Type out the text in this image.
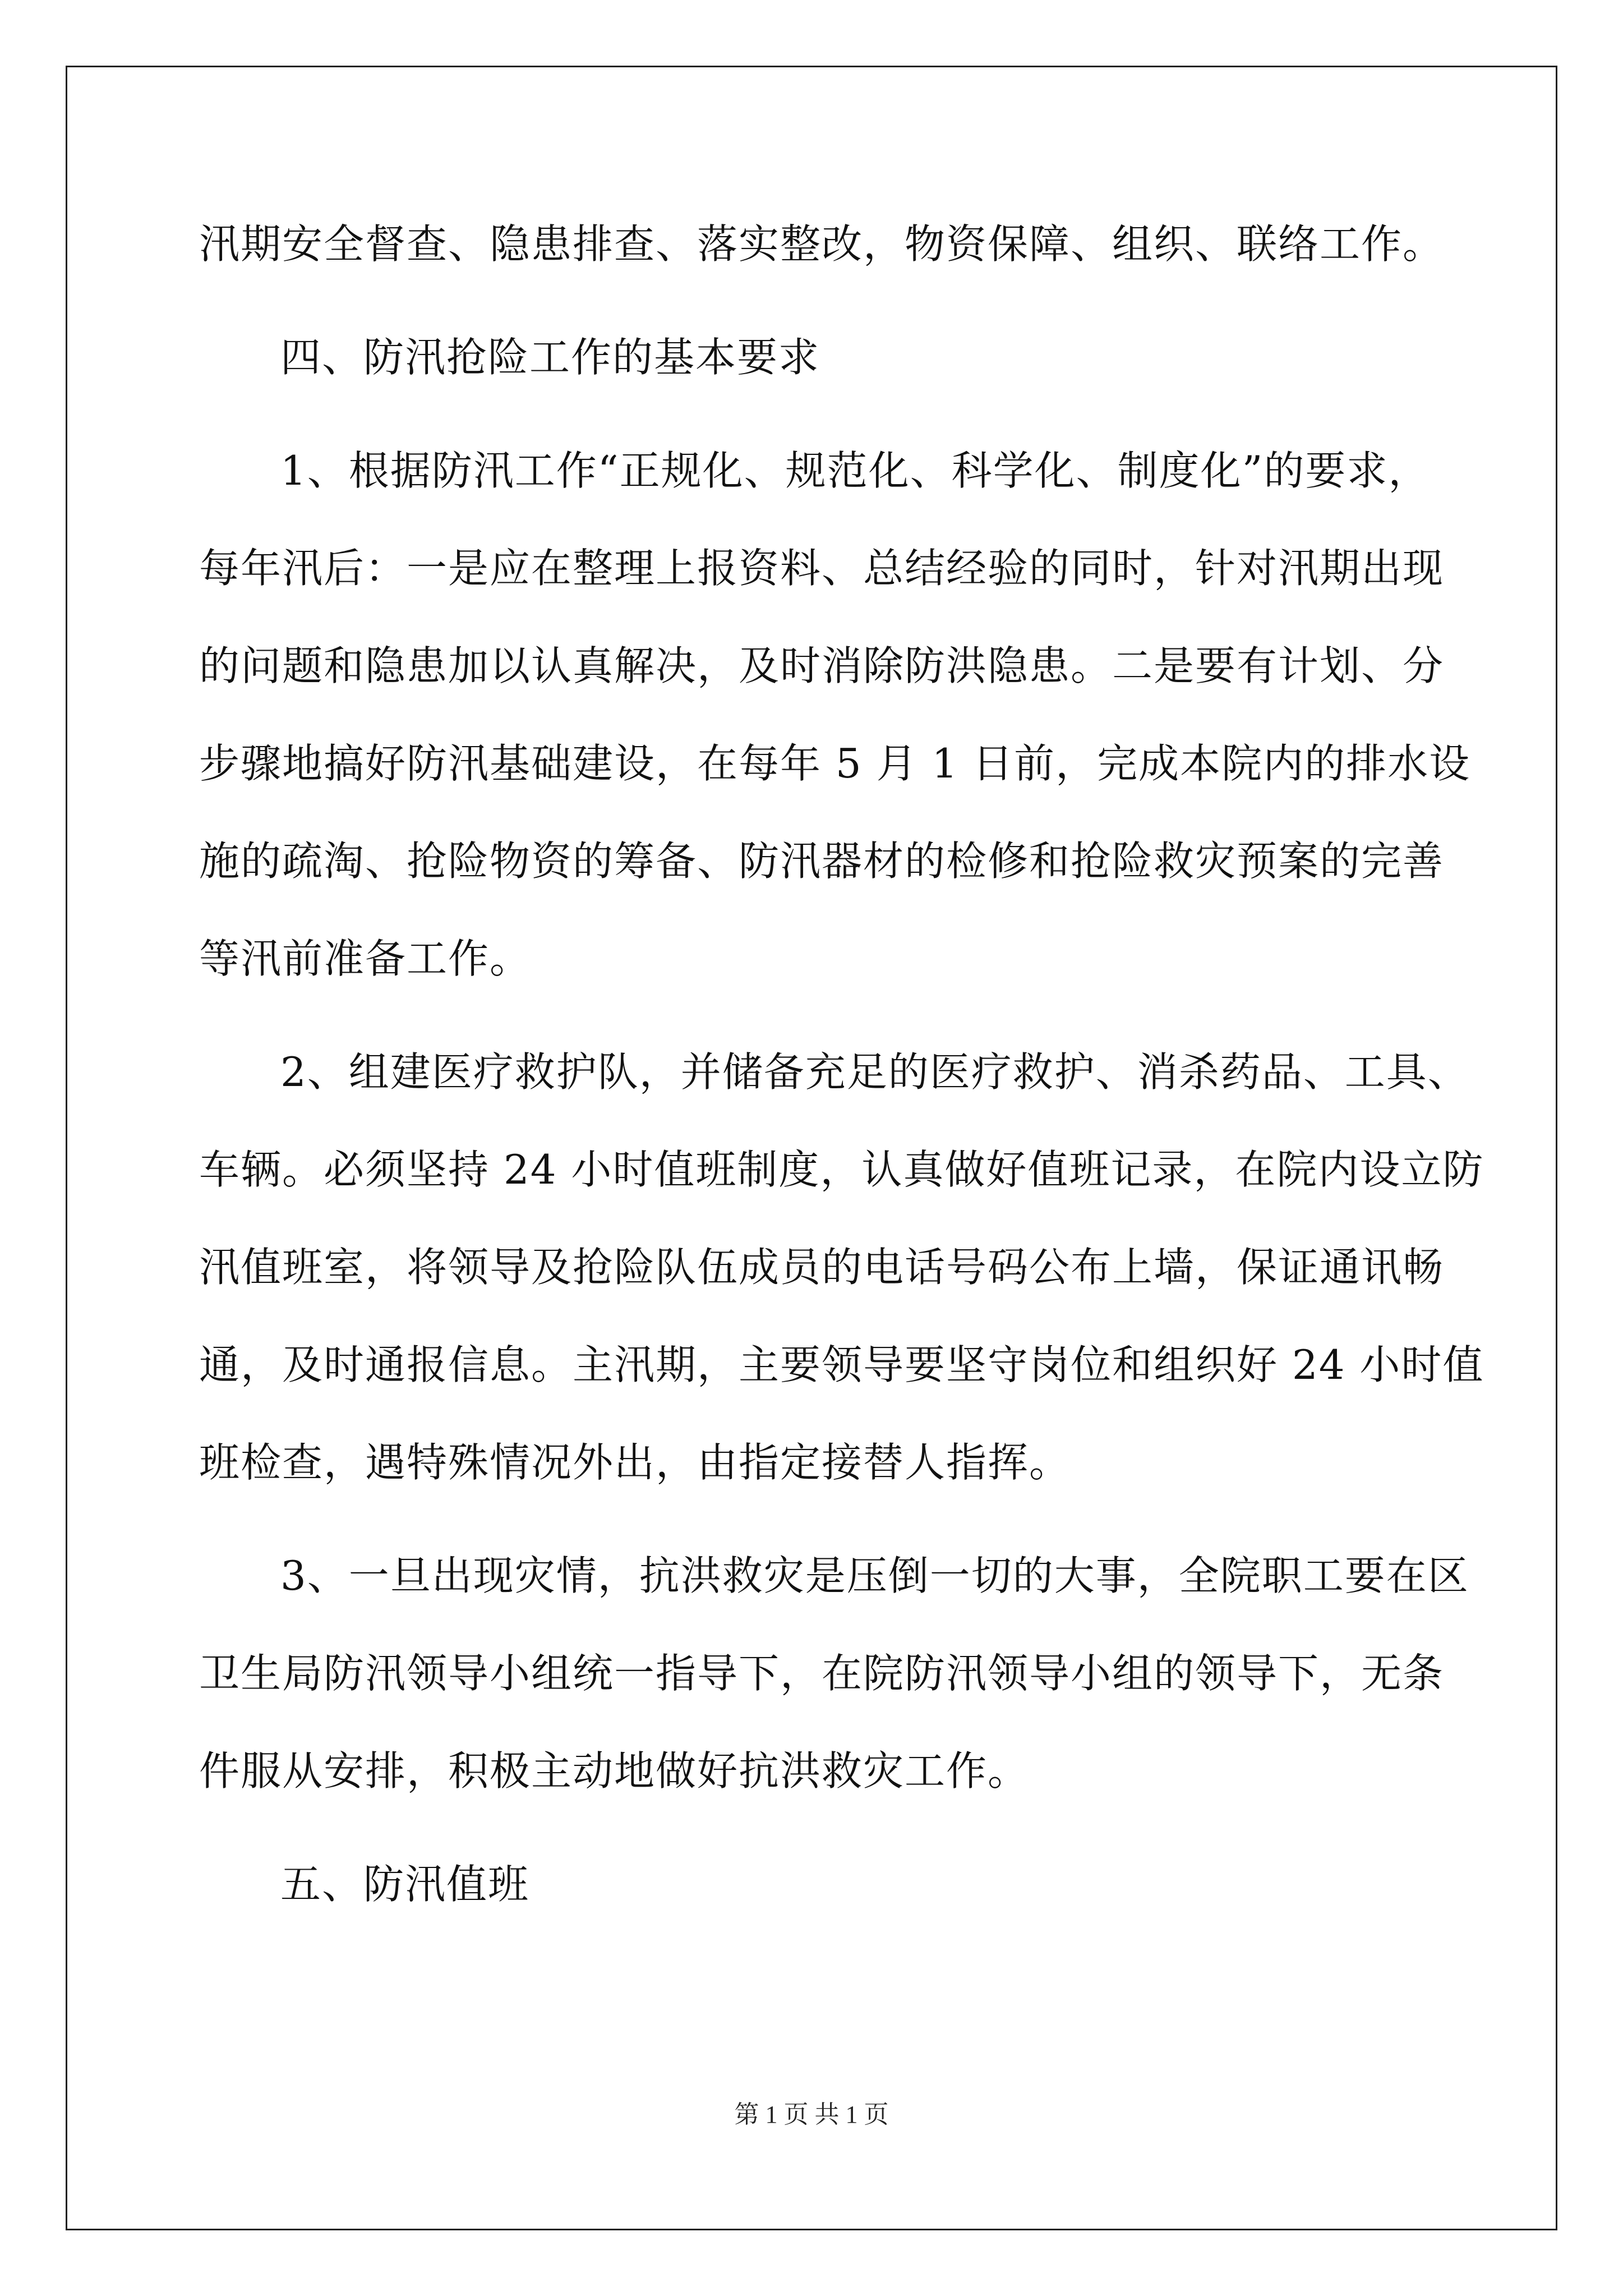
汛期安全督查、隐患排查、落实整改，物资保障、组织、联络工作。
四、防汛抢险工作的基本要求
1、根据防汛工作“正规化、规范化、科学化、制度化”的要求，
每年汛后：一是应在整理上报资料、总结经验的同时，针对汛期出现
的问题和隐患加以认真解决，及时消除防洪隐患。二是要有计划、分
步骤地搞好防汛基础建设，在每年 5 月 1 日前，完成本院内的排水设
施的疏淘、抢险物资的筹备、防汛器材的检修和抢险救灾预案的完善
等汛前准备工作。
2、组建医疗救护队，并储备充足的医疗救护、消杀药品、工具、
车辆。必须坚持 24 小时值班制度，认真做好值班记录，在院内设立防
汛值班室，将领导及抢险队伍成员的电话号码公布上墙，保证通讯畅
通，及时通报信息。主汛期，主要领导要坚守岗位和组织好 24 小时值
班检查，遇特殊情况外出，由指定接替人指挥。
3、一旦出现灾情，抗洪救灾是压倒一切的大事，全院职工要在区
卫生局防汛领导小组统一指导下，在院防汛领导小组的领导下，无条
件服从安排，积极主动地做好抗洪救灾工作。
五、防汛值班
第 1 页 共 1 页
